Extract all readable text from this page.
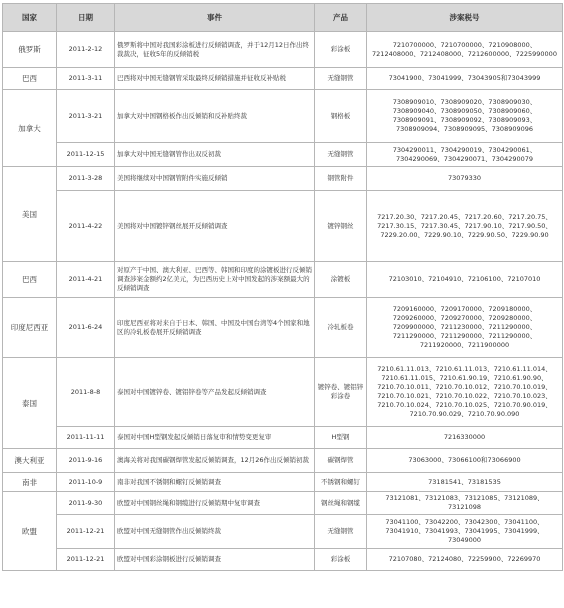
国家	日期	事件	产品	涉案税号
俄罗斯	2011-2-12	俄罗斯将中国对我国彩涂板进行反倾销调查，并于12月12日作出终裁裁决，征收5年的反倾销税	彩涂板	7210700000、7210700000、7210908000、7212408000、7212408000、7212600000、7225990000
巴西	2011-3-11	巴西将对中国无缝钢管采取最终反倾销措施并征收反补贴税	无缝钢管	73041900、73041999、73043905和73043999
加拿大	2011-3-21	加拿大对中国钢格板作出反倾销和反补贴终裁	钢格板	7308909010、7308909020、7308909030、7308909040、7308909050、7308909060、7308909091、7308909092、7308909093、7308909094、7308909095、7308909096
	2011-12-15	加拿大对中国无缝钢管作出双反初裁	无缝钢管	7304290011、7304290019、7304290061、7304290069、7304290071、7304290079
美国	2011-3-28	美国将继续对中国钢管附件实施反倾销	钢管附件	73079330
	2011-4-22	美国将对中国镀锌钢丝展开反倾销调查	镀锌钢丝	7217.20.30、7217.20.45、7217.20.60、7217.20.75、7217.30.15、7217.30.45、7217.90.10、7217.90.50、7229.20.00、7229.90.10、7229.90.50、7229.90.90
巴西	2011-4-21	对原产于中国、澳大利亚、巴西等、韩国和印度的涂镀板进行反倾销调查涉案金额约2亿美元，为巴西历史上对中国发起的涉案额最大的反倾销调查	涂镀板	72103010、72104910、72106100、72107010
印度尼西亚	2011-6-24	印度尼西亚将对来自于日本、韩国、中国及中国台湾等4个国家和地区的冷轧板卷展开反倾销调查	冷轧板卷	7209160000、7209170000、7209180000、7209260000、7209270000、7209280000、7209900000、7211230000、7211290000、7211290000、7211290000、7211290000、7211920000、7211900000
泰国	2011-8-8	泰国对中国镀锌卷、镀铝锌卷等产品发起反倾销调查	镀锌卷、镀铝锌彩涂卷	7210.61.11.013、7210.61.11.013、7210.61.11.014、7210.61.11.015、7210.61.90.19、7210.61.90.90、7210.70.10.011、7210.70.10.012、7210.70.10.019、7210.70.10.021、7210.70.10.022、7210.70.10.023、7210.70.10.024、7210.70.10.025、7210.70.90.019、7210.70.90.029、7210.70.90.090
	2011-11-11	泰国对中国H型钢发起反倾销日落复审和情势变更复审	H型钢	7216330000
澳大利亚	2011-9-16	澳海关将对我国碳钢焊管发起反倾销调查，12月26作出反倾销初裁	碳钢焊管	73063000、73066100和73066900
南非	2011-10-9	南非对我国不锈钢和螺钉反倾销调查	不锈钢和螺钉	73181541、73181535
欧盟	2011-9-30	欧盟对中国钢丝绳和钢缆进行反倾销期中复审调查	钢丝绳和钢缆	73121081、73121083、73121085、73121089、73121098
	2011-12-21	欧盟对中国无缝钢管作出反倾销终裁	无缝钢管	73041100、73042200、73042300、73041100、73041910、73041993、73041995、73041999、73049000
	2011-12-21	欧盟对中国彩涂钢板进行反倾销调查	彩涂板	72107080、72124080、72259900、72269970
